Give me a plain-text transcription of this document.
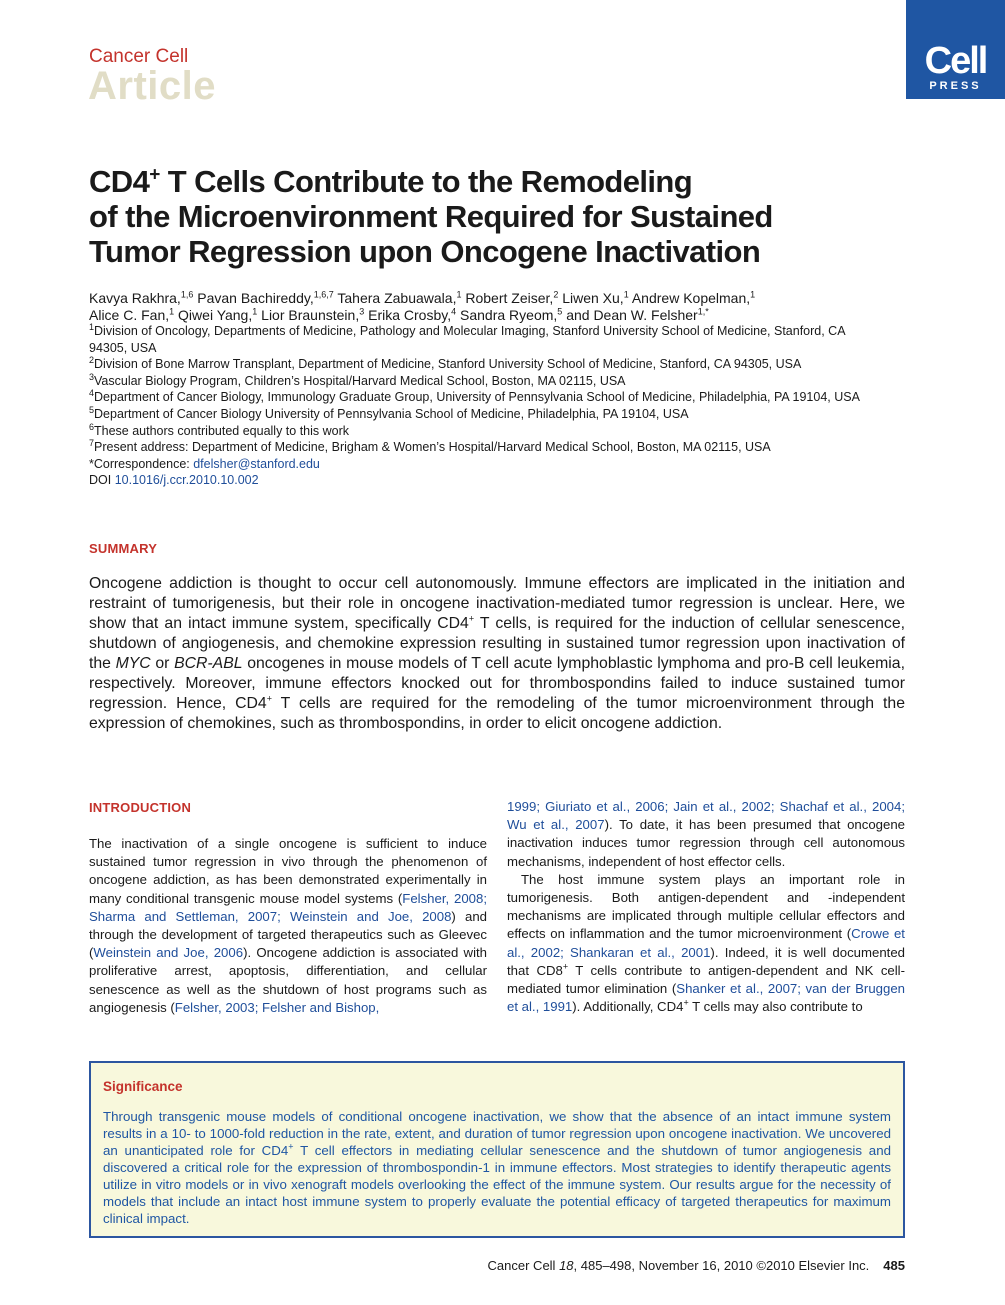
Cancer Cell
Article
Cell
PRESS
CD4+ T Cells Contribute to the Remodeling
of the Microenvironment Required for Sustained
Tumor Regression upon Oncogene Inactivation
Kavya Rakhra,$^{1,6}$ Pavan Bachireddy,$^{1,6,7}$ Tahera Zabuawala,$^1$ Robert Zeiser,$^2$ Liwen Xu,$^1$ Andrew Kopelman,$^1$
Alice C. Fan,$^1$ Qiwei Yang,$^1$ Lior Braunstein,$^3$ Erika Crosby,$^4$ Sandra Ryeom,$^5$ and Dean W. Felsher$^{1,*}$
$^1$Division of Oncology, Departments of Medicine, Pathology and Molecular Imaging, Stanford University School of Medicine, Stanford, CA
94305, USA
$^2$Division of Bone Marrow Transplant, Department of Medicine, Stanford University School of Medicine, Stanford, CA 94305, USA
$^3$Vascular Biology Program, Children’s Hospital/Harvard Medical School, Boston, MA 02115, USA
$^4$Department of Cancer Biology, Immunology Graduate Group, University of Pennsylvania School of Medicine, Philadelphia, PA 19104, USA
$^5$Department of Cancer Biology University of Pennsylvania School of Medicine, Philadelphia, PA 19104, USA
$^6$These authors contributed equally to this work
$^7$Present address: Department of Medicine, Brigham & Women’s Hospital/Harvard Medical School, Boston, MA 02115, USA
*Correspondence: dfelsher@stanford.edu
DOI 10.1016/j.ccr.2010.10.002
SUMMARY
Oncogene addiction is thought to occur cell autonomously. Immune effectors are implicated in the initiation and restraint of tumorigenesis, but their role in oncogene inactivation-mediated tumor regression is unclear. Here, we show that an intact immune system, specifically CD4+ T cells, is required for the induction of cellular senescence, shutdown of angiogenesis, and chemokine expression resulting in sustained tumor regression upon inactivation of the MYC or BCR-ABL oncogenes in mouse models of T cell acute lymphoblastic lymphoma and pro-B cell leukemia, respectively. Moreover, immune effectors knocked out for thrombospondins failed to induce sustained tumor regression. Hence, CD4+ T cells are required for the remodeling of the tumor microenvironment through the expression of chemokines, such as thrombospondins, in order to elicit oncogene addiction.
INTRODUCTION

The inactivation of a single oncogene is sufficient to induce sustained tumor regression in vivo through the phenomenon of oncogene addiction, as has been demonstrated experimentally in many conditional transgenic mouse model systems (Felsher, 2008; Sharma and Settleman, 2007; Weinstein and Joe, 2008) and through the development of targeted therapeutics such as Gleevec (Weinstein and Joe, 2006). Oncogene addiction is associated with proliferative arrest, apoptosis, differentiation, and cellular senescence as well as the shutdown of host programs such as angiogenesis (Felsher, 2003; Felsher and Bishop,

1999; Giuriato et al., 2006; Jain et al., 2002; Shachaf et al., 2004; Wu et al., 2007). To date, it has been presumed that oncogene inactivation induces tumor regression through cell autonomous mechanisms, independent of host effector cells.

The host immune system plays an important role in tumorigenesis. Both antigen-dependent and -independent mechanisms are implicated through multiple cellular effectors and effects on inflammation and the tumor microenvironment (Crowe et al., 2002; Shankaran et al., 2001). Indeed, it is well documented that CD8+ T cells contribute to antigen-dependent and NK cell-mediated tumor elimination (Shanker et al., 2007; van der Bruggen et al., 1991). Additionally, CD4+ T cells may also contribute to

Significance
Through transgenic mouse models of conditional oncogene inactivation, we show that the absence of an intact immune system results in a 10- to 1000-fold reduction in the rate, extent, and duration of tumor regression upon oncogene inactivation. We uncovered an unanticipated role for CD4+ T cell effectors in mediating cellular senescence and the shutdown of tumor angiogenesis and discovered a critical role for the expression of thrombospondin-1 in immune effectors. Most strategies to identify therapeutic agents utilize in vitro models or in vivo xenograft models overlooking the effect of the immune system. Our results argue for the necessity of models that include an intact host immune system to properly evaluate the potential efficacy of targeted therapeutics for maximum clinical impact.
Cancer Cell 18, 485–498, November 16, 2010 ©2010 Elsevier Inc. 485
